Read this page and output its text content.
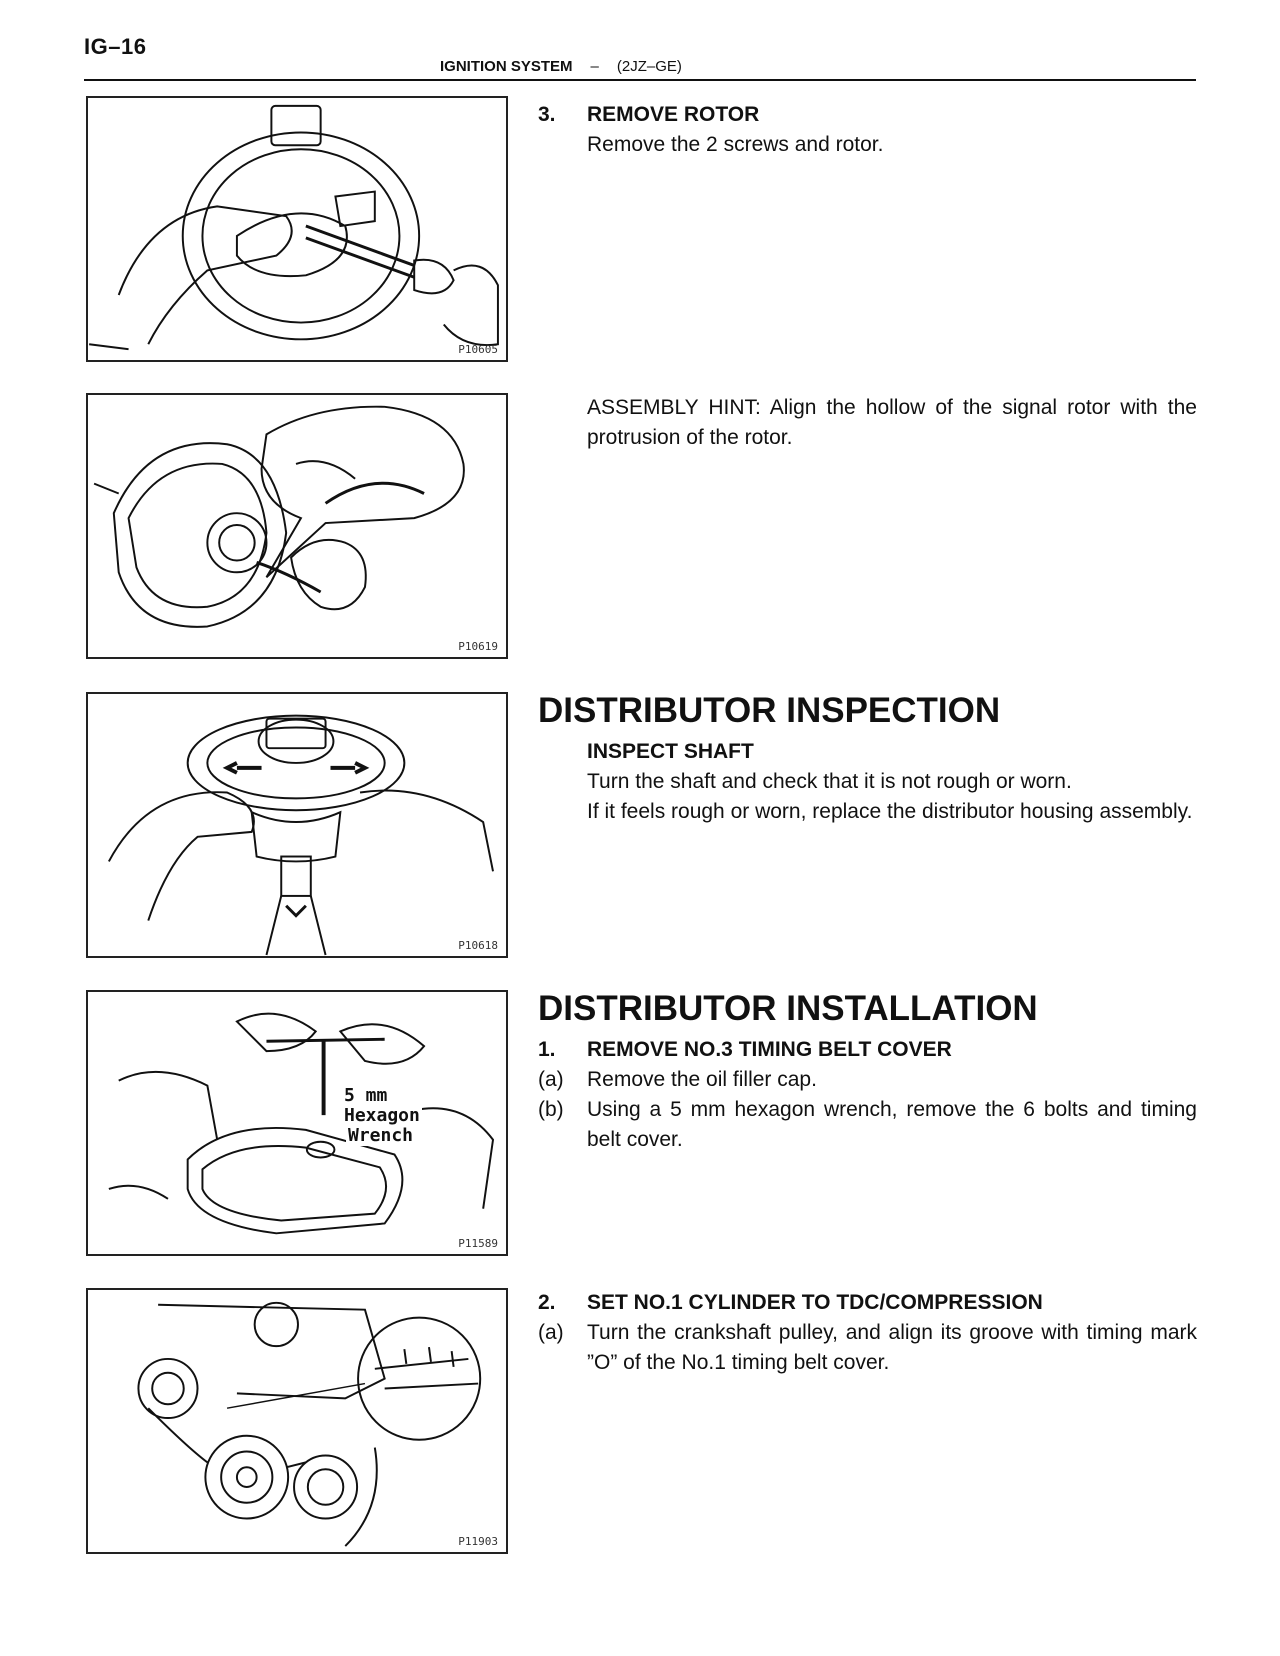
IG–16
IGNITION SYSTEM – (2JZ–GE)
P10605
P10619
P10618
5 mm
Hexagon
Wrench
P11589
P11903
3. REMOVE ROTOR
Remove the 2 screws and rotor.
ASSEMBLY HINT: Align the hollow of the signal rotor with the protrusion of the rotor.
DISTRIBUTOR INSPECTION
INSPECT SHAFT
Turn the shaft and check that it is not rough or worn.
If it feels rough or worn, replace the distributor housing assembly.
DISTRIBUTOR INSTALLATION
1. REMOVE NO.3 TIMING BELT COVER
(a) Remove the oil filler cap.
(b) Using a 5 mm hexagon wrench, remove the 6 bolts and timing belt cover.
2. SET NO.1 CYLINDER TO TDC/COMPRESSION
(a) Turn the crankshaft pulley, and align its groove with timing mark ”O” of the No.1 timing belt cover.
